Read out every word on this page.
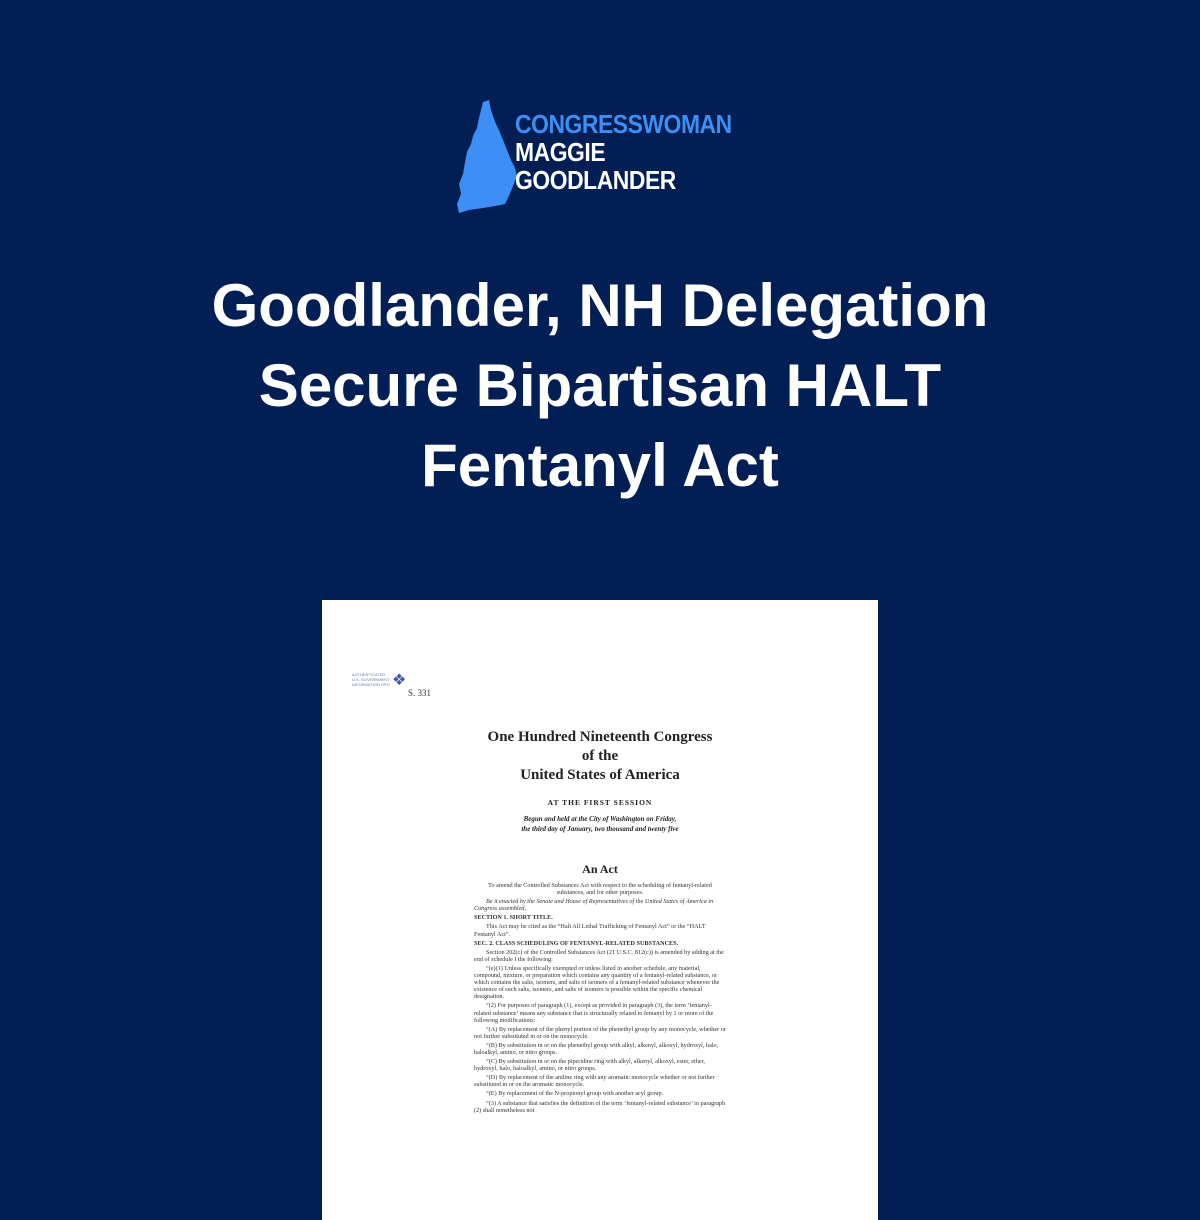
CONGRESSWOMAN
MAGGIE
GOODLANDER
Goodlander, NH Delegation
Secure Bipartisan HALT
Fentanyl Act
AUTHENTICATED U.S. GOVERNMENT INFORMATION GPO ❖
S. 331
One Hundred Nineteenth Congress
of the
United States of America
AT THE FIRST SESSION
Begun and held at the City of Washington on Friday,
the third day of January, two thousand and twenty five
An Act

To amend the Controlled Substances Act with respect to the scheduling of fentanyl-related substances, and for other purposes.

Be it enacted by the Senate and House of Representatives of the United States of America in Congress assembled,

SECTION 1. SHORT TITLE.

This Act may be cited as the “Halt All Lethal Trafficking of Fentanyl Act” or the “HALT Fentanyl Act”.

SEC. 2. CLASS SCHEDULING OF FENTANYL-RELATED SUBSTANCES.

Section 202(c) of the Controlled Substances Act (21 U.S.C. 812(c)) is amended by adding at the end of schedule I the following:

“(e)(1) Unless specifically exempted or unless listed in another schedule, any material, compound, mixture, or preparation which contains any quantity of a fentanyl-related substance, or which contains the salts, isomers, and salts of isomers of a fentanyl-related substance whenever the existence of such salts, isomers, and salts of isomers is possible within the specific chemical designation.

“(2) For purposes of paragraph (1), except as provided in paragraph (3), the term ‘fentanyl-related substance’ means any substance that is structurally related to fentanyl by 1 or more of the following modifications:

“(A) By replacement of the phenyl portion of the phenethyl group by any monocycle, whether or not further substituted in or on the monocycle.

“(B) By substitution in or on the phenethyl group with alkyl, alkenyl, alkoxyl, hydroxyl, halo, haloalkyl, amino, or nitro groups.

“(C) By substitution in or on the piperidine ring with alkyl, alkenyl, alkoxyl, ester, ether, hydroxyl, halo, haloalkyl, amino, or nitro groups.

“(D) By replacement of the aniline ring with any aromatic monocycle whether or not further substituted in or on the aromatic monocycle.

“(E) By replacement of the N-propionyl group with another acyl group.

“(3) A substance that satisfies the definition of the term ‘fentanyl-related substance’ in paragraph (2) shall nonetheless not
